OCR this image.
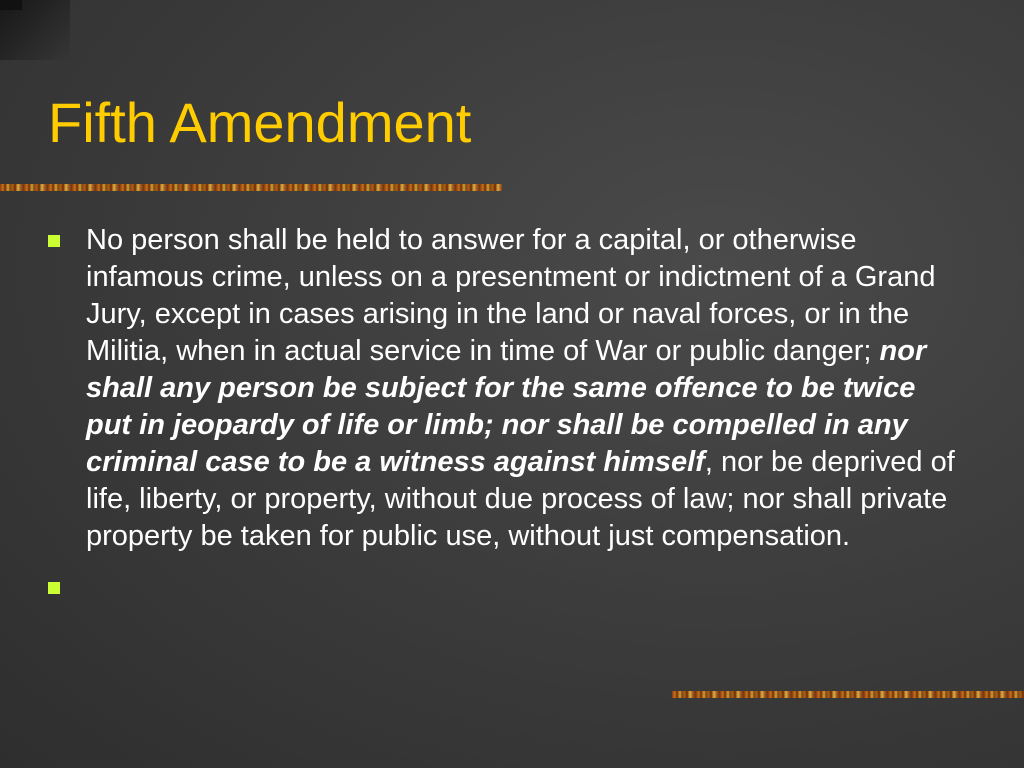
Fifth Amendment
No person shall be held to answer for a capital, or otherwise infamous crime, unless on a presentment or indictment of a Grand Jury, except in cases arising in the land or naval forces, or in the Militia, when in actual service in time of War or public danger; nor shall any person be subject for the same offence to be twice put in jeopardy of life or limb; nor shall be compelled in any criminal case to be a witness against himself, nor be deprived of life, liberty, or property, without due process of law; nor shall private property be taken for public use, without just compensation.
